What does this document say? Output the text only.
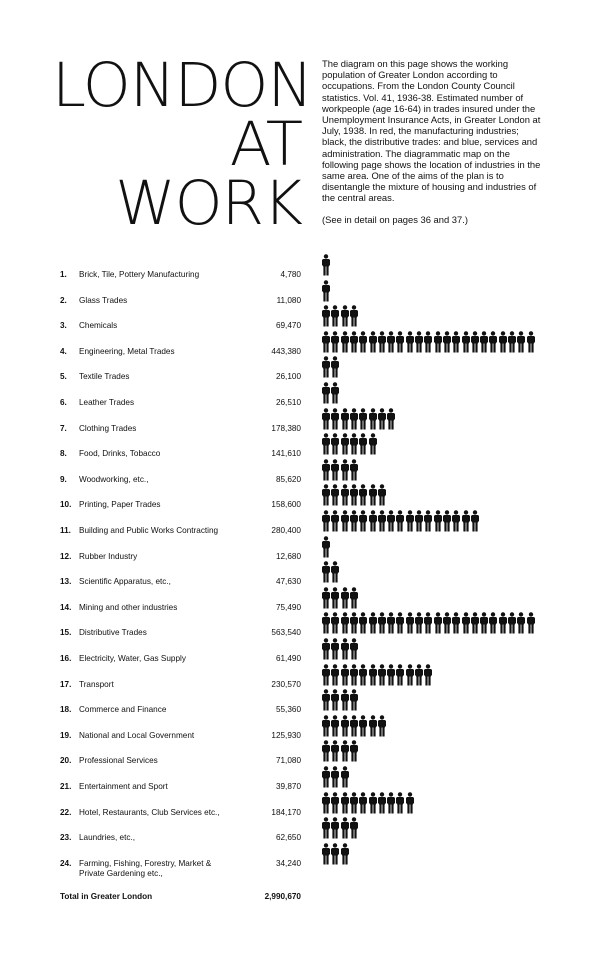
LONDON
AT
WORK
The diagram on this page shows the working population of Greater London according to occupations. From the London County Council statistics. Vol. 41, 1936-38. Estimated number of workpeople (age 16-64) in trades insured under the Unemployment Insurance Acts, in Greater London at July, 1938. In red, the manufacturing industries; black, the distributive trades: and blue, services and administration. The diagrammatic map on the following page shows the location of industries in the same area. One of the aims of the plan is to disentangle the mixture of housing and industries of the central areas.
(See in detail on pages 36 and 37.)
Total in Greater London	2,990,670
1. Brick, Tile, Pottery Manufacturing	4,780
2. Glass Trades	11,080
3. Chemicals	69,470
4. Engineering, Metal Trades	443,380
5. Textile Trades	26,100
6. Leather Trades	26,510
7. Clothing Trades	178,380
8. Food, Drinks, Tobacco	141,610
9. Woodworking, etc.,	85,620
10. Printing, Paper Trades	158,600
11. Building and Public Works Contracting	280,400
12. Rubber Industry	12,680
13. Scientific Apparatus, etc.,	47,630
14. Mining and other industries	75,490
15. Distributive Trades	563,540
16. Electricity, Water, Gas Supply	61,490
17. Transport	230,570
18. Commerce and Finance	55,360
19. National and Local Government	125,930
20. Professional Services	71,080
21. Entertainment and Sport	39,870
22. Hotel, Restaurants, Club Services etc.,	184,170
23. Laundries, etc.,	62,650
24. Farming, Fishing, Forestry, Market &
Private Gardening etc.,
34,240
